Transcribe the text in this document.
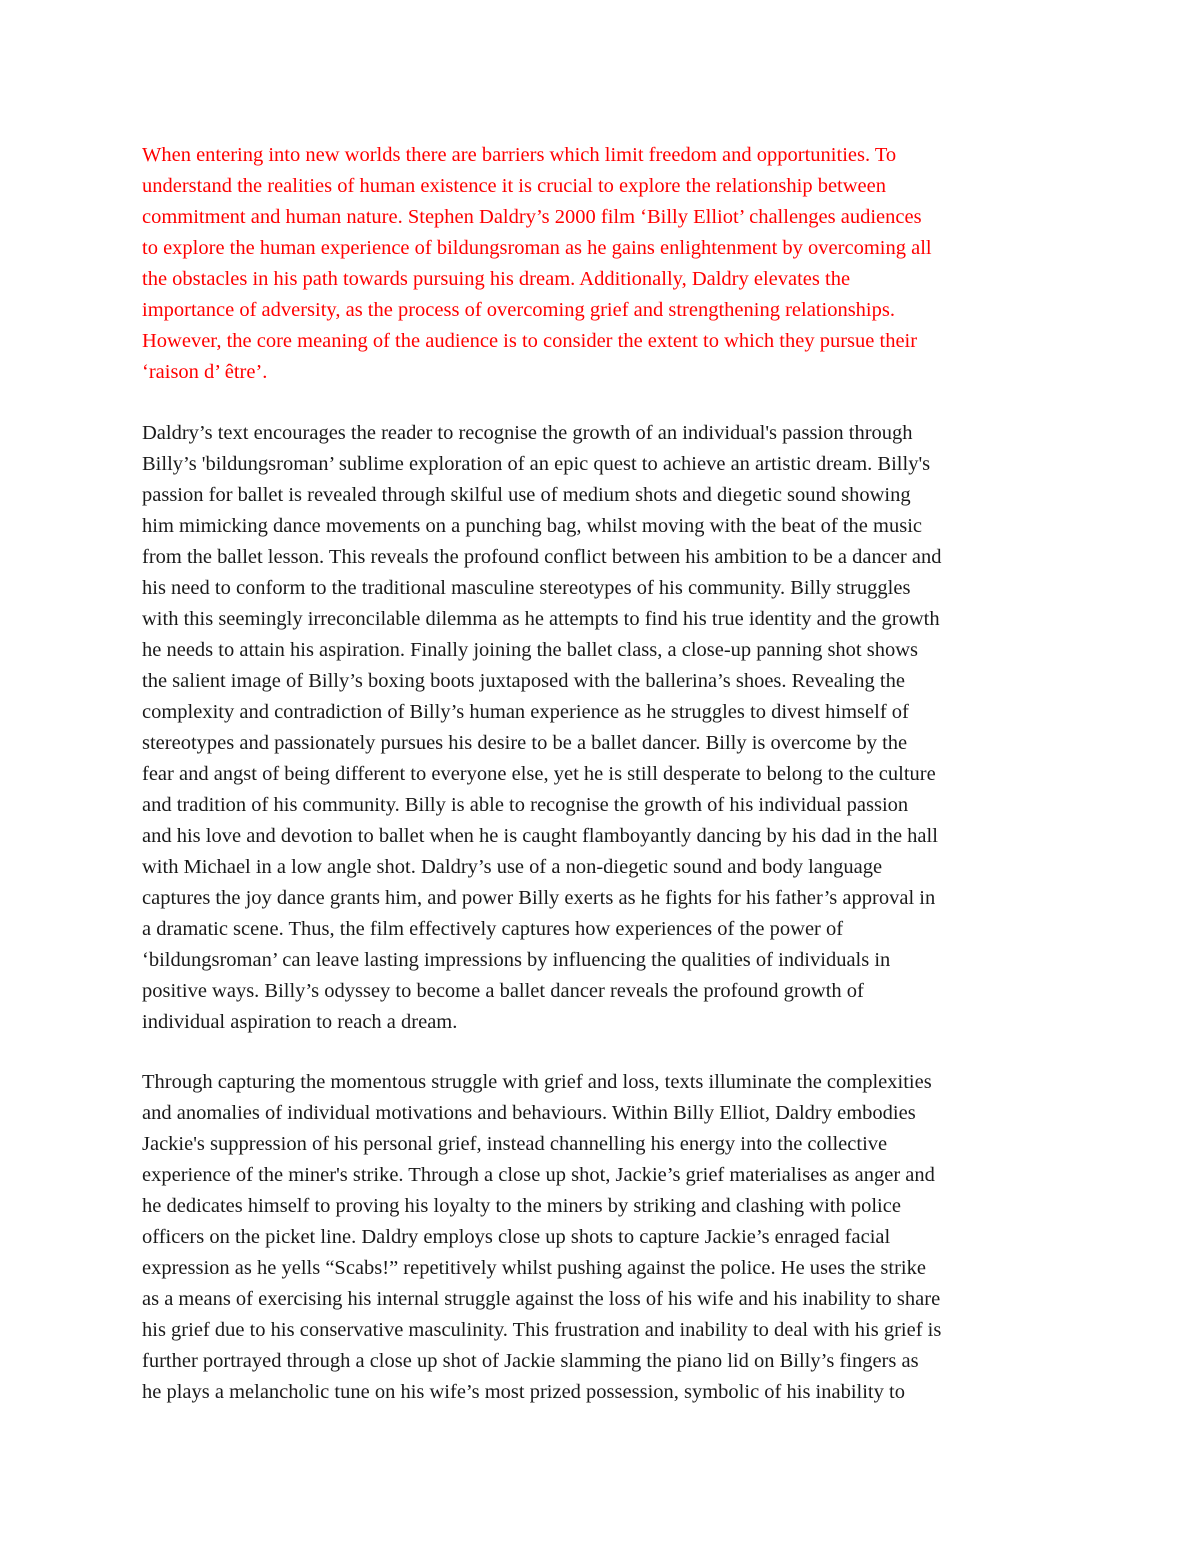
When entering into new worlds there are barriers which limit freedom and opportunities. To
understand the realities of human existence it is crucial to explore the relationship between
commitment and human nature. Stephen Daldry’s 2000 film ‘Billy Elliot’ challenges audiences
to explore the human experience of bildungsroman as he gains enlightenment by overcoming all
the obstacles in his path towards pursuing his dream. Additionally, Daldry elevates the
importance of adversity, as the process of overcoming grief and strengthening relationships.
However, the core meaning of the audience is to consider the extent to which they pursue their
‘raison d’ être’.
Daldry’s text encourages the reader to recognise the growth of an individual's passion through
Billy’s 'bildungsroman’ sublime exploration of an epic quest to achieve an artistic dream. Billy's
passion for ballet is revealed through skilful use of medium shots and diegetic sound showing
him mimicking dance movements on a punching bag, whilst moving with the beat of the music
from the ballet lesson. This reveals the profound conflict between his ambition to be a dancer and
his need to conform to the traditional masculine stereotypes of his community. Billy struggles
with this seemingly irreconcilable dilemma as he attempts to find his true identity and the growth
he needs to attain his aspiration. Finally joining the ballet class, a close-up panning shot shows
the salient image of Billy’s boxing boots juxtaposed with the ballerina’s shoes. Revealing the
complexity and contradiction of Billy’s human experience as he struggles to divest himself of
stereotypes and passionately pursues his desire to be a ballet dancer. Billy is overcome by the
fear and angst of being different to everyone else, yet he is still desperate to belong to the culture
and tradition of his community. Billy is able to recognise the growth of his individual passion
and his love and devotion to ballet when he is caught flamboyantly dancing by his dad in the hall
with Michael in a low angle shot. Daldry’s use of a non-diegetic sound and body language
captures the joy dance grants him, and power Billy exerts as he fights for his father’s approval in
a dramatic scene. Thus, the film effectively captures how experiences of the power of
‘bildungsroman’ can leave lasting impressions by influencing the qualities of individuals in
positive ways. Billy’s odyssey to become a ballet dancer reveals the profound growth of
individual aspiration to reach a dream.
Through capturing the momentous struggle with grief and loss, texts illuminate the complexities
and anomalies of individual motivations and behaviours. Within Billy Elliot, Daldry embodies
Jackie's suppression of his personal grief, instead channelling his energy into the collective
experience of the miner's strike. Through a close up shot, Jackie’s grief materialises as anger and
he dedicates himself to proving his loyalty to the miners by striking and clashing with police
officers on the picket line. Daldry employs close up shots to capture Jackie’s enraged facial
expression as he yells “Scabs!” repetitively whilst pushing against the police. He uses the strike
as a means of exercising his internal struggle against the loss of his wife and his inability to share
his grief due to his conservative masculinity. This frustration and inability to deal with his grief is
further portrayed through a close up shot of Jackie slamming the piano lid on Billy’s fingers as
he plays a melancholic tune on his wife’s most prized possession, symbolic of his inability to
